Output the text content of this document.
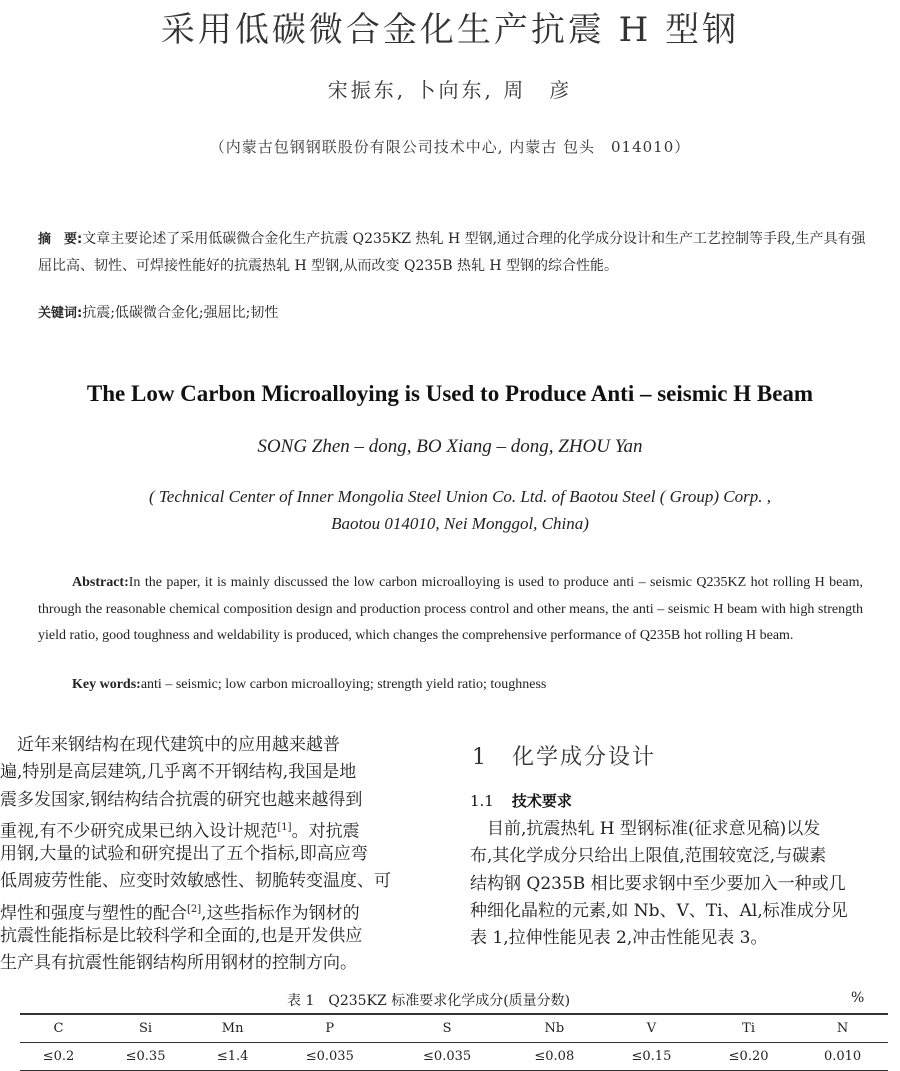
采用低碳微合金化生产抗震 H 型钢
宋振东, 卜向东, 周　彦
（内蒙古包钢钢联股份有限公司技术中心, 内蒙古 包头　014010）
摘　要:文章主要论述了采用低碳微合金化生产抗震 Q235KZ 热轧 H 型钢,通过合理的化学成分设计和生产工艺控制等手段,生产具有强屈比高、韧性、可焊接性能好的抗震热轧 H 型钢,从而改变 Q235B 热轧 H 型钢的综合性能。
关键词:抗震;低碳微合金化;强屈比;韧性
The Low Carbon Microalloying is Used to Produce Anti – seismic H Beam
SONG Zhen – dong, BO Xiang – dong, ZHOU Yan
( Technical Center of Inner Mongolia Steel Union Co. Ltd. of Baotou Steel ( Group) Corp. ,
Baotou 014010, Nei Monggol, China)
Abstract:In the paper, it is mainly discussed the low carbon microalloying is used to produce anti – seismic Q235KZ hot rolling H beam, through the reasonable chemical composition design and production process control and other means, the anti – seismic H beam with high strength yield ratio, good toughness and weldability is produced, which changes the comprehensive performance of Q235B hot rolling H beam.
Key words:anti – seismic; low carbon microalloying; strength yield ratio; toughness
　近年来钢结构在现代建筑中的应用越来越普
遍,特别是高层建筑,几乎离不开钢结构,我国是地
震多发国家,钢结构结合抗震的研究也越来越得到
重视,有不少研究成果已纳入设计规范[1]。对抗震
用钢,大量的试验和研究提出了五个指标,即高应弯
低周疲劳性能、应变时效敏感性、韧脆转变温度、可
焊性和强度与塑性的配合[2],这些指标作为钢材的
抗震性能指标是比较科学和全面的,也是开发供应
生产具有抗震性能钢结构所用钢材的控制方向。
1　化学成分设计
1.1 技术要求
　目前,抗震热轧 H 型钢标准(征求意见稿)以发
布,其化学成分只给出上限值,范围较宽泛,与碳素
结构钢 Q235B 相比要求钢中至少要加入一种或几
种细化晶粒的元素,如 Nb、V、Ti、Al,标准成分见
表 1,拉伸性能见表 2,冲击性能见表 3。
表 1　Q235KZ 标准要求化学成分(质量分数)	%
C	Si	Mn	P	S	Nb	V	Ti	N
≤0.2	≤0.35	≤1.4	≤0.035	≤0.035	≤0.08	≤0.15	≤0.20	0.010
